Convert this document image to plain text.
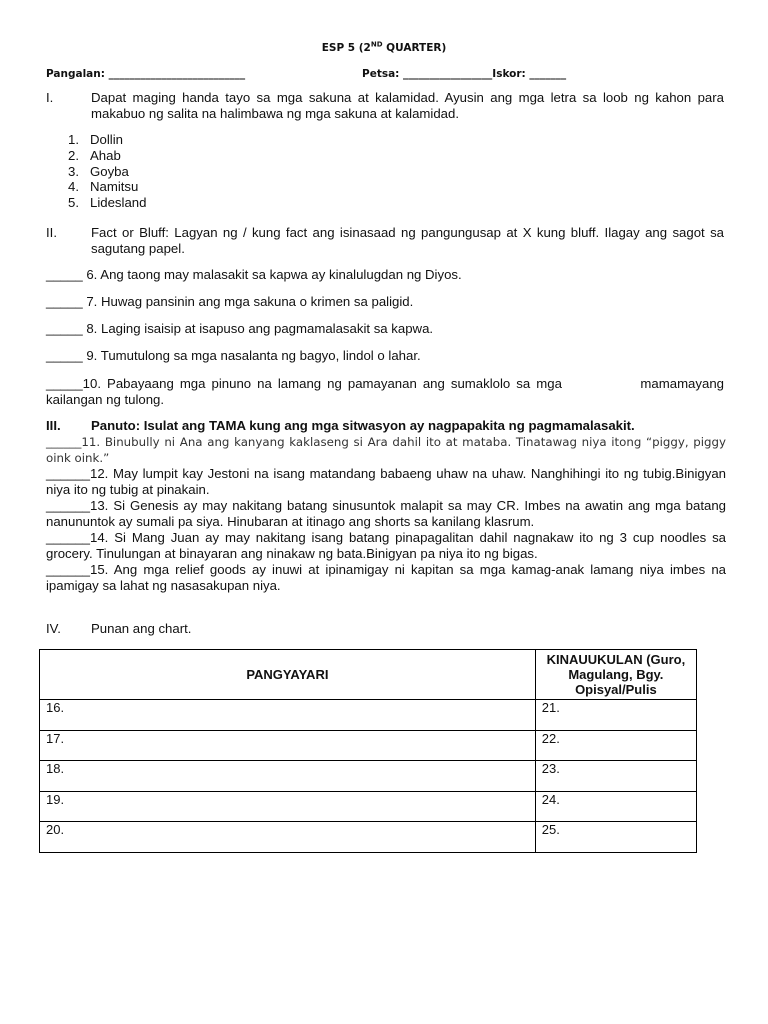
ESP 5 (2ND QUARTER)
Pangalan: __________________________	Petsa: _________________Iskor: _______
I.	Dapat maging handa tayo sa mga sakuna at kalamidad. Ayusin ang mga letra sa loob ng kahon para makabuo ng salita na halimbawa ng mga sakuna at kalamidad.
1. Dollin
2. Ahab
3. Goyba
4. Namitsu
5. Lidesland
II.	Fact or Bluff: Lagyan ng / kung fact ang isinasaad ng pangungusap at X kung bluff. Ilagay ang sagot sa sagutang papel.
_____ 6. Ang taong may malasakit sa kapwa ay kinalulugdan ng Diyos.
_____ 7. Huwag pansinin ang mga sakuna o krimen sa paligid.
_____ 8. Laging isaisip at isapuso ang pagmamalasakit sa kapwa.
_____ 9. Tumutulong sa mga nasalanta ng bagyo, lindol o lahar.
_____10. Pabayaang mga pinuno na lamang ng pamayanan ang sumaklolo sa mga             mamamayang kailangan ng tulong.
III. Panuto: Isulat ang TAMA kung ang mga sitwasyon ay nagpapakita ng pagmamalasakit.

______11. Binubully ni Ana ang kanyang kaklaseng si Ara dahil ito at mataba. Tinatawag niya itong “piggy, piggy oink oink.”

______12. May lumpit kay Jestoni na isang matandang babaeng uhaw na uhaw. Nanghihingi ito ng tubig.Binigyan niya ito ng tubig at pinakain.

______13. Si Genesis ay may nakitang batang sinusuntok malapit sa may CR. Imbes na awatin ang mga batang nanununtok ay sumali pa siya. Hinubaran at itinago ang shorts sa kanilang klasrum.

______14. Si Mang Juan ay may nakitang isang batang pinapagalitan dahil nagnakaw ito ng 3 cup noodles sa grocery. Tinulungan at binayaran ang ninakaw ng bata.Binigyan pa niya ito ng bigas.

______15. Ang mga relief goods ay inuwi at ipinamigay ni kapitan sa mga kamag-anak lamang niya imbes na ipamigay sa lahat ng nasasakupan niya.

IV. Punan ang chart.
PANGYAYARI	KINAUUKULAN (Guro, Magulang, Bgy. Opisyal/Pulis
16.	21.
17.	22.
18.	23.
19.	24.
20.	25.
